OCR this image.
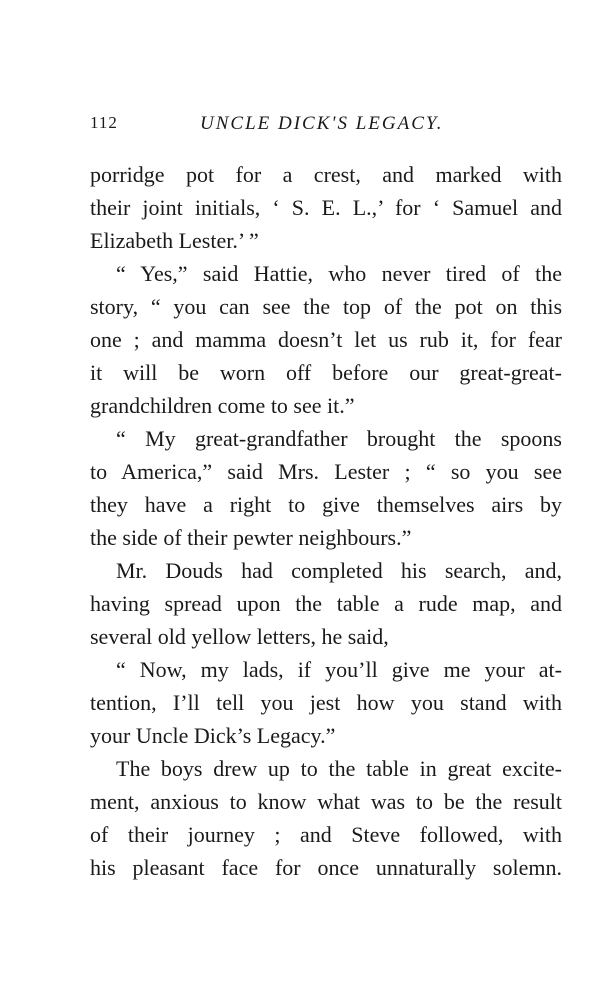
112	UNCLE DICK'S LEGACY.
porridge pot for a crest, and marked with
their joint initials, ‘ S. E. L.,’ for ‘ Samuel and
Elizabeth Lester.’ ”
“ Yes,” said Hattie, who never tired of the
story, “ you can see the top of the pot on this
one ; and mamma doesn’t let us rub it, for fear
it will be worn off before our great-great-
grandchildren come to see it.”
“ My great-grandfather brought the spoons
to America,” said Mrs. Lester ; “ so you see
they have a right to give themselves airs by
the side of their pewter neighbours.”
Mr. Douds had completed his search, and,
having spread upon the table a rude map, and
several old yellow letters, he said,
“ Now, my lads, if you’ll give me your at-
tention, I’ll tell you jest how you stand with
your Uncle Dick’s Legacy.”
The boys drew up to the table in great excite-
ment, anxious to know what was to be the result
of their journey ; and Steve followed, with
his pleasant face for once unnaturally solemn.
